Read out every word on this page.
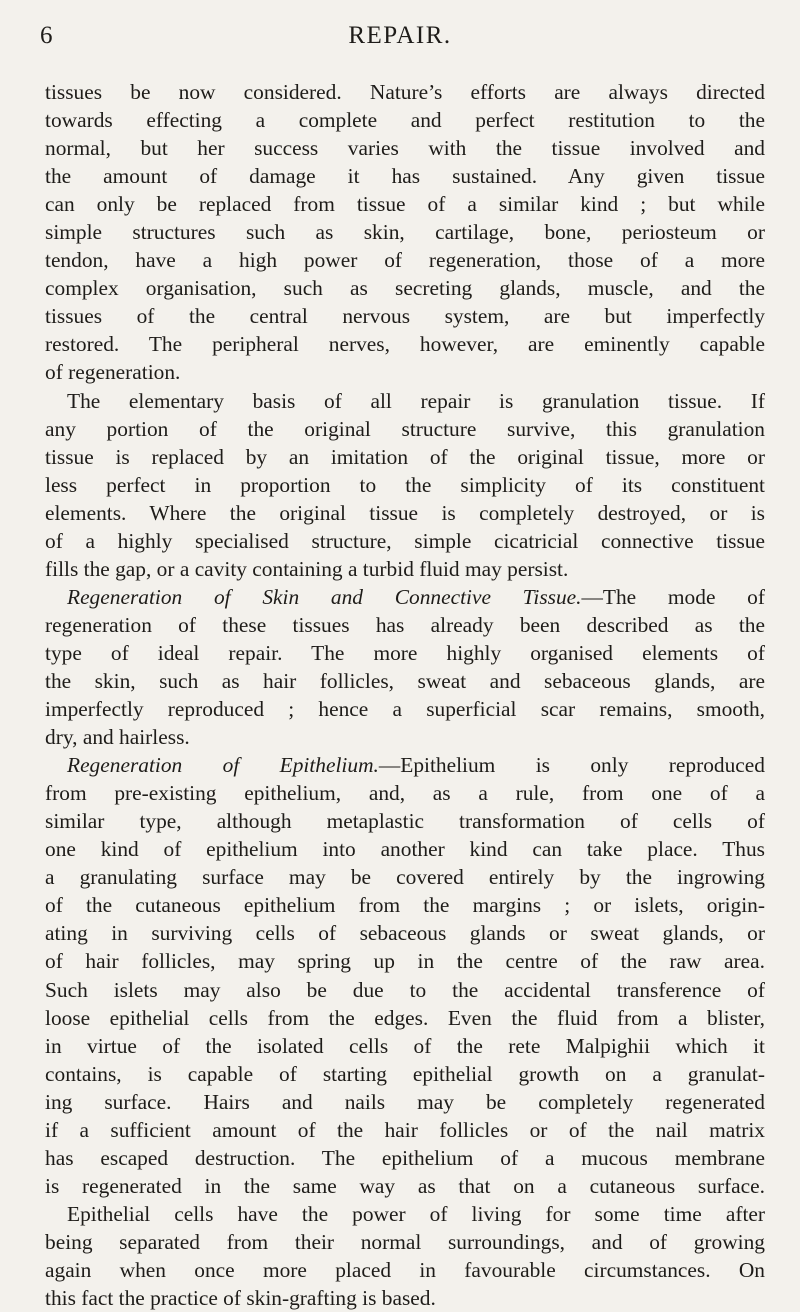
6	REPAIR.
tissues be now considered. Nature’s efforts are always directed
towards effecting a complete and perfect restitution to the
normal, but her success varies with the tissue involved and
the amount of damage it has sustained. Any given tissue
can only be replaced from tissue of a similar kind ; but while
simple structures such as skin, cartilage, bone, periosteum or
tendon, have a high power of regeneration, those of a more
complex organisation, such as secreting glands, muscle, and the
tissues of the central nervous system, are but imperfectly
restored. The peripheral nerves, however, are eminently capable
of regeneration.
The elementary basis of all repair is granulation tissue. If
any portion of the original structure survive, this granulation
tissue is replaced by an imitation of the original tissue, more or
less perfect in proportion to the simplicity of its constituent
elements. Where the original tissue is completely destroyed, or is
of a highly specialised structure, simple cicatricial connective tissue
fills the gap, or a cavity containing a turbid fluid may persist.
Regeneration of Skin and Connective Tissue.—The mode of
regeneration of these tissues has already been described as the
type of ideal repair. The more highly organised elements of
the skin, such as hair follicles, sweat and sebaceous glands, are
imperfectly reproduced ; hence a superficial scar remains, smooth,
dry, and hairless.
Regeneration of Epithelium.—Epithelium is only reproduced
from pre-existing epithelium, and, as a rule, from one of a
similar type, although metaplastic transformation of cells of
one kind of epithelium into another kind can take place. Thus
a granulating surface may be covered entirely by the ingrowing
of the cutaneous epithelium from the margins ; or islets, origin-
ating in surviving cells of sebaceous glands or sweat glands, or
of hair follicles, may spring up in the centre of the raw area.
Such islets may also be due to the accidental transference of
loose epithelial cells from the edges. Even the fluid from a blister,
in virtue of the isolated cells of the rete Malpighii which it
contains, is capable of starting epithelial growth on a granulat-
ing surface. Hairs and nails may be completely regenerated
if a sufficient amount of the hair follicles or of the nail matrix
has escaped destruction. The epithelium of a mucous membrane
is regenerated in the same way as that on a cutaneous surface.
Epithelial cells have the power of living for some time after
being separated from their normal surroundings, and of growing
again when once more placed in favourable circumstances. On
this fact the practice of skin-grafting is based.
